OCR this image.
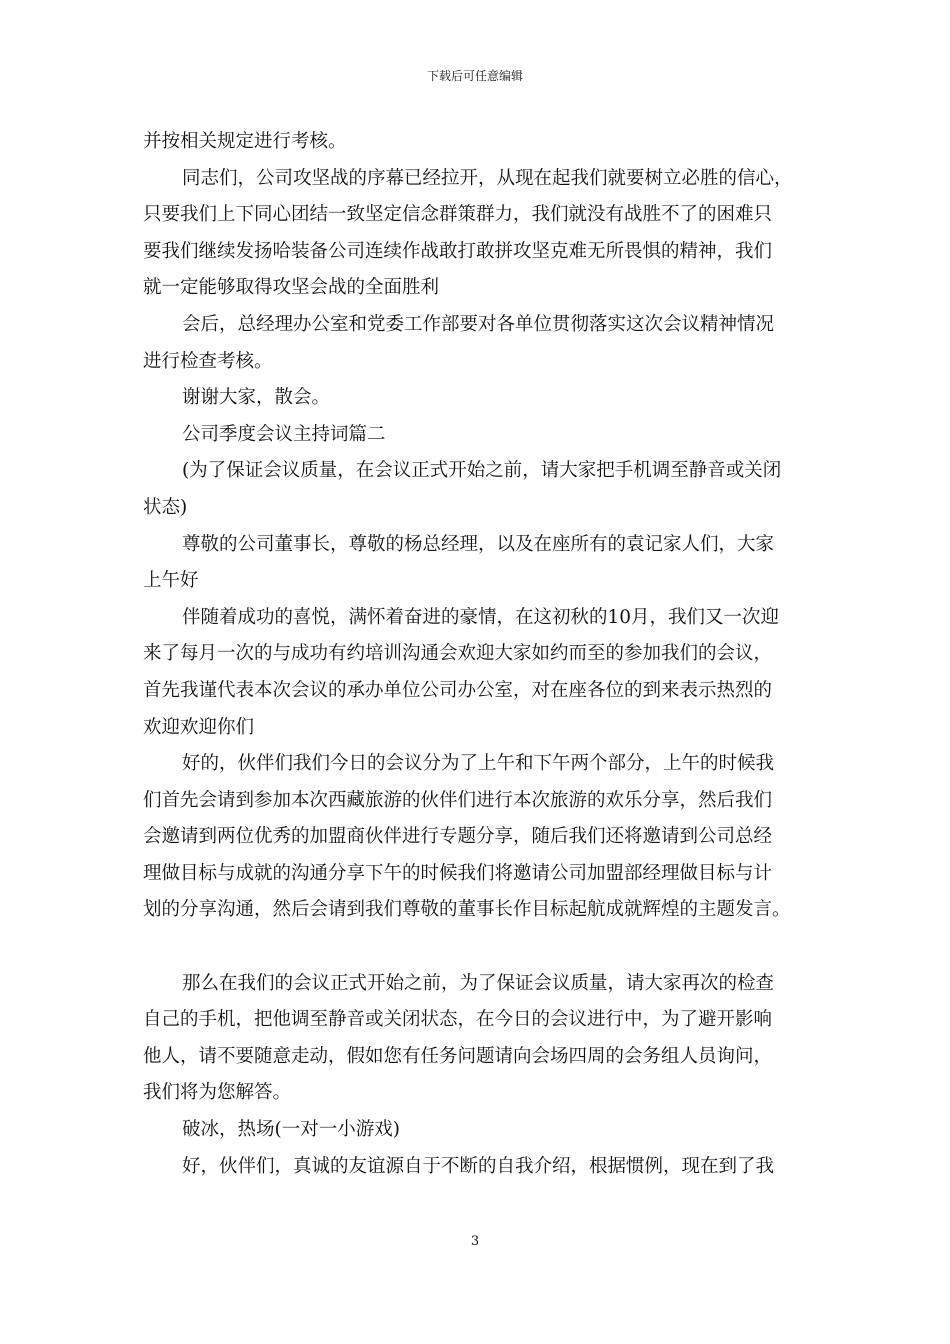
下载后可任意编辑
并按相关规定进行考核。
同志们，公司攻坚战的序幕已经拉开，从现在起我们就要树立必胜的信心，
只要我们上下同心团结一致坚定信念群策群力，我们就没有战胜不了的困难只
要我们继续发扬哈装备公司连续作战敢打敢拼攻坚克难无所畏惧的精神，我们
就一定能够取得攻坚会战的全面胜利
会后，总经理办公室和党委工作部要对各单位贯彻落实这次会议精神情况
进行检查考核。
谢谢大家，散会。
公司季度会议主持词篇二
(为了保证会议质量，在会议正式开始之前，请大家把手机调至静音或关闭
状态)
尊敬的公司董事长，尊敬的杨总经理，以及在座所有的袁记家人们，大家
上午好
伴随着成功的喜悦，满怀着奋进的豪情，在这初秋的10月，我们又一次迎
来了每月一次的与成功有约培训沟通会欢迎大家如约而至的参加我们的会议，
首先我谨代表本次会议的承办单位公司办公室，对在座各位的到来表示热烈的
欢迎欢迎你们
好的，伙伴们我们今日的会议分为了上午和下午两个部分，上午的时候我
们首先会请到参加本次西藏旅游的伙伴们进行本次旅游的欢乐分享，然后我们
会邀请到两位优秀的加盟商伙伴进行专题分享，随后我们还将邀请到公司总经
理做目标与成就的沟通分享下午的时候我们将邀请公司加盟部经理做目标与计
划的分享沟通，然后会请到我们尊敬的董事长作目标起航成就辉煌的主题发言。
那么在我们的会议正式开始之前，为了保证会议质量，请大家再次的检查
自己的手机，把他调至静音或关闭状态，在今日的会议进行中，为了避开影响
他人，请不要随意走动，假如您有任务问题请向会场四周的会务组人员询问，
我们将为您解答。
破冰，热场(一对一小游戏)
好，伙伴们，真诚的友谊源自于不断的自我介绍，根据惯例，现在到了我
3
